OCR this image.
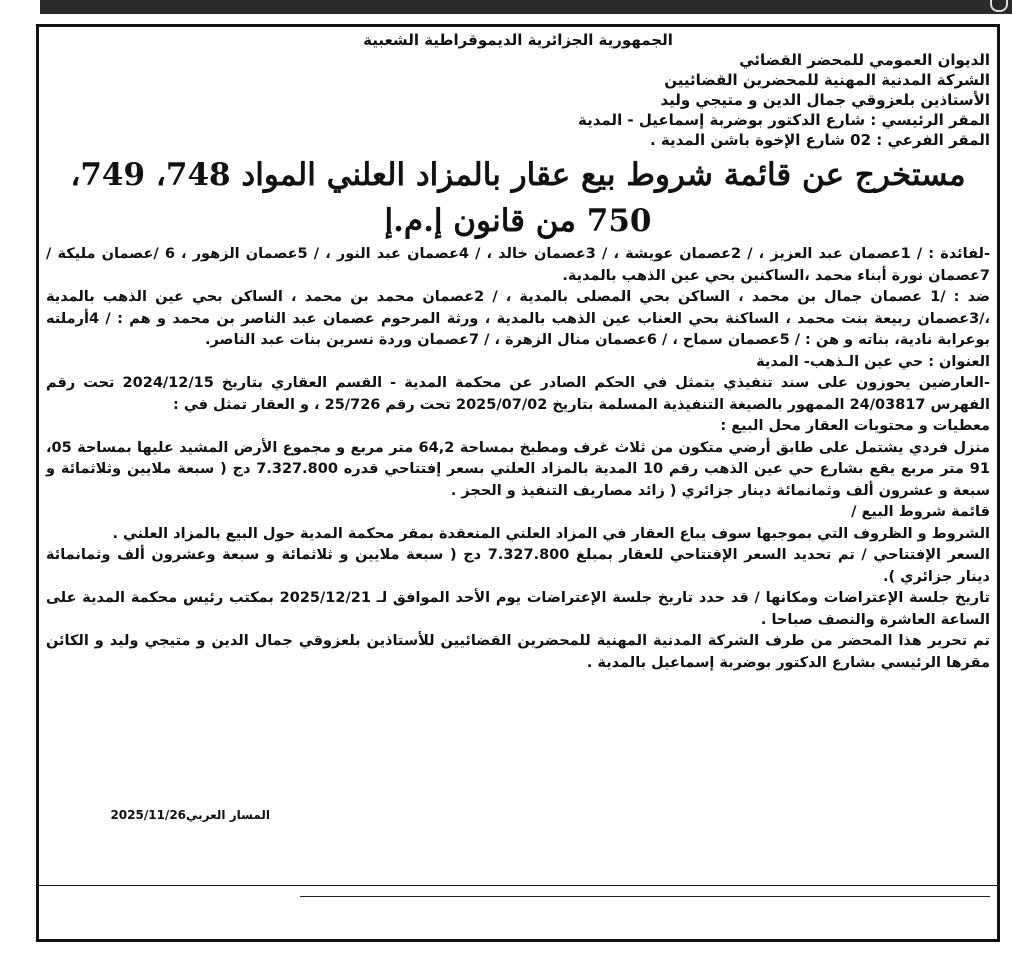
الجمهورية الجزائرية الديموقراطية الشعبية

الديوان العمومي للمحضر القضائي

الشركة المدنية المهنية للمحضرين القضائيين

الأستاذين بلعزوقي جمال الدين و متيجي وليد

المقر الرئيسي : شارع الدكتور بوضربة إسماعيل - المدية

المقر الفرعي : 02 شارع الإخوة باشن المدية .

مستخرج عن قائمة شروط بيع عقار بالمزاد العلني المواد 748، 749، 750 من قانون إ.م.إ

-لفائدة : / 1عصمان عبد العزيز ، / 2عصمان عويشة ، / 3عصمان خالد ، / 4عصمان عبد النور ، / 5عصمان الزهور ، 6 /عصمان مليكة / 7عصمان نورة أبناء محمد ،الساكنين بحي عين الذهب بالمدية.

ضد : /1 عصمان جمال بن محمد ، الساكن بحي المصلى بالمدية ، / 2عصمان محمد بن محمد ، الساكن بحي عين الذهب بالمدية ،/3عصمان ربيعة بنت محمد ، الساكنة بحي العناب عين الذهب بالمدية ، ورثة المرحوم عصمان عبد الناصر بن محمد و هم : / 4أرملته بوعرابة نادية، بناته و هن : / 5عصمان سماح ، / 6عصمان منال الزهرة ، / 7عصمان وردة نسرين بنات عبد الناصر.

العنوان : حي عين الـذهب- المدية

-العارضين يحوزون على سند تنفيذي يتمثل في الحكم الصادر عن محكمة المدية - القسم العقاري بتاريخ 2024/12/15 تحت رقم الفهرس 24/03817 الممهور بالصيغة التنفيذية المسلمة بتاريخ 2025/07/02 تحت رقم 25/726 ، و العقار تمثل في :

معطيات و محتويات العقار محل البيع :

منزل فردي يشتمل على طابق أرضي متكون من ثلاث غرف ومطبخ بمساحة 64,2 متر مربع و مجموع الأرض المشيد عليها بمساحة 05، 91 متر مربع يقع بشارع حي عين الذهب رقم 10 المدية بالمزاد العلني بسعر إفتتاحي قدره 7.327.800 دج ( سبعة ملايين وثلاثمائة و سبعة و عشرون ألف وثمانمائة دينار جزائري ( زائد مصاريف التنفيذ و الحجز .

قائمة شروط البيع /

الشروط و الظروف التي بموجبها سوف يباع العقار في المزاد العلني المنعقدة بمقر محكمة المدية حول البيع بالمزاد العلني .

السعر الإفتتاحي / تم تحديد السعر الإفتتاحي للعقار بمبلغ 7.327.800 دج ( سبعة ملايين و ثلاثمائة و سبعة وعشرون ألف وثمانمائة دينار جزائري ).

تاريخ جلسة الإعتراضات ومكانها / قد حدد تاريخ جلسة الإعتراضات يوم الأحد الموافق لـ 2025/12/21 بمكتب رئيس محكمة المدية على الساعة العاشرة والنصف صباحا .

تم تحرير هذا المحضر من طرف الشركة المدنية المهنية للمحضرين القضائيين للأستاذين بلعزوقي جمال الدين و متيجي وليد و الكائن مقرها الرئيسي بشارع الدكتور بوضربة إسماعيل بالمدية .

المسار العربي2025/11/26
